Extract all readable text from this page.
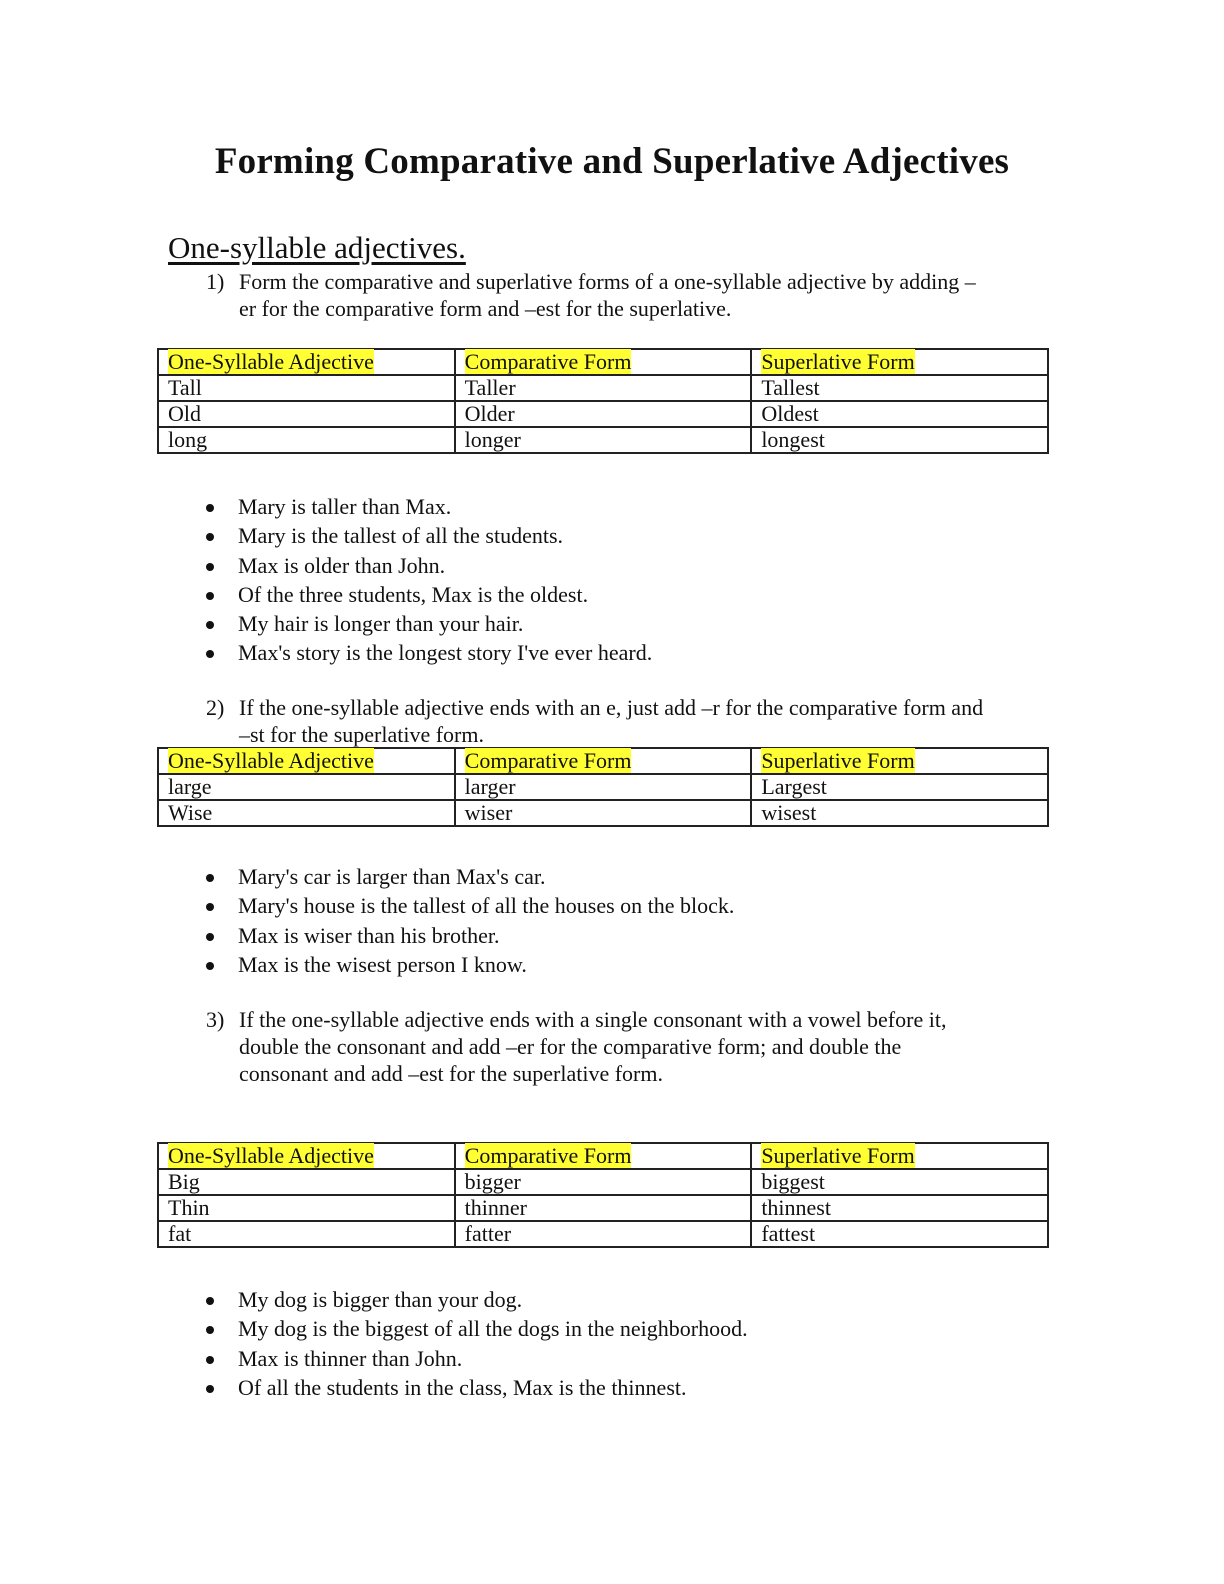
Forming Comparative and Superlative Adjectives
One-syllable adjectives.
1) Form the comparative and superlative forms of a one-syllable adjective by adding –
er for the comparative form and –est for the superlative.
One-Syllable Adjective	Comparative Form	Superlative Form
Tall	Taller	Tallest
Old	Older	Oldest
long	longer	longest
Mary is taller than Max.
Mary is the tallest of all the students.
Max is older than John.
Of the three students, Max is the oldest.
My hair is longer than your hair.
Max's story is the longest story I've ever heard.
2) If the one-syllable adjective ends with an e, just add –r for the comparative form and
–st for the superlative form.
One-Syllable Adjective	Comparative Form	Superlative Form
large	larger	Largest
Wise	wiser	wisest
Mary's car is larger than Max's car.
Mary's house is the tallest of all the houses on the block.
Max is wiser than his brother.
Max is the wisest person I know.
3) If the one-syllable adjective ends with a single consonant with a vowel before it,
double the consonant and add –er for the comparative form; and double the
consonant and add –est for the superlative form.
One-Syllable Adjective	Comparative Form	Superlative Form
Big	bigger	biggest
Thin	thinner	thinnest
fat	fatter	fattest
My dog is bigger than your dog.
My dog is the biggest of all the dogs in the neighborhood.
Max is thinner than John.
Of all the students in the class, Max is the thinnest.
